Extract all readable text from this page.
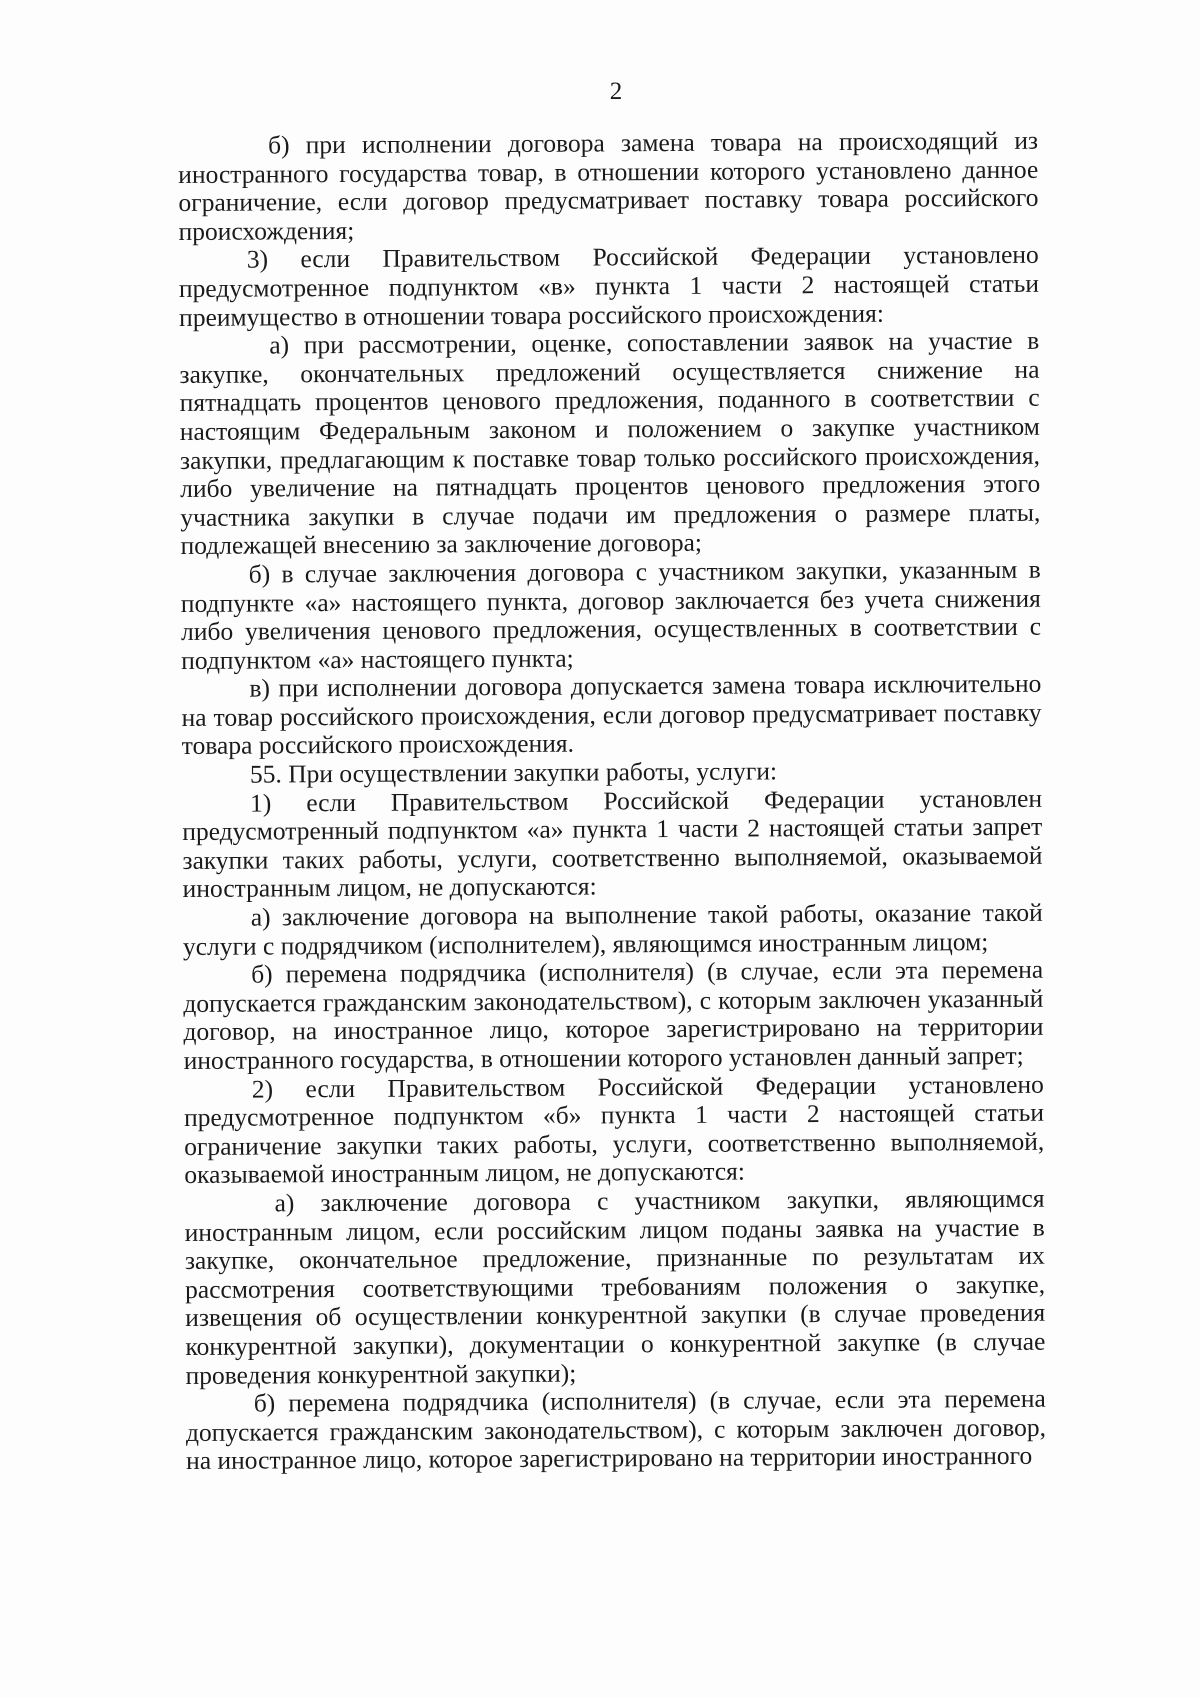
2

б) при исполнении договора замена товара на происходящий из иностранного государства товар, в отношении которого установлено данное ограничение, если договор предусматривает поставку товара российского происхождения;

3) если Правительством Российской Федерации установлено предусмотренное подпунктом «в» пункта 1 части 2 настоящей статьи преимущество в отношении товара российского происхождения:

а) при рассмотрении, оценке, сопоставлении заявок на участие в закупке, окончательных предложений осуществляется снижение на пятнадцать процентов ценового предложения, поданного в соответствии с настоящим Федеральным законом и положением о закупке участником закупки, предлагающим к поставке товар только российского происхождения, либо увеличение на пятнадцать процентов ценового предложения этого участника закупки в случае подачи им предложения о размере платы, подлежащей внесению за заключение договора;

б) в случае заключения договора с участником закупки, указанным в подпункте «а» настоящего пункта, договор заключается без учета снижения либо увеличения ценового предложения, осуществленных в соответствии с подпунктом «а» настоящего пункта;

в) при исполнении договора допускается замена товара исключительно на товар российского происхождения, если договор предусматривает поставку товара российского происхождения.

55. При осуществлении закупки работы, услуги:

1) если Правительством Российской Федерации установлен предусмотренный подпунктом «а» пункта 1 части 2 настоящей статьи запрет закупки таких работы, услуги, соответственно выполняемой, оказываемой иностранным лицом, не допускаются:

а) заключение договора на выполнение такой работы, оказание такой услуги с подрядчиком (исполнителем), являющимся иностранным лицом;

б) перемена подрядчика (исполнителя) (в случае, если эта перемена допускается гражданским законодательством), с которым заключен указанный договор, на иностранное лицо, которое зарегистрировано на территории иностранного государства, в отношении которого установлен данный запрет;

2) если Правительством Российской Федерации установлено предусмотренное подпунктом «б» пункта 1 части 2 настоящей статьи ограничение закупки таких работы, услуги, соответственно выполняемой, оказываемой иностранным лицом, не допускаются:

а) заключение договора с участником закупки, являющимся иностранным лицом, если российским лицом поданы заявка на участие в закупке, окончательное предложение, признанные по результатам их рассмотрения соответствующими требованиям положения о закупке, извещения об осуществлении конкурентной закупки (в случае проведения конкурентной закупки), документации о конкурентной закупке (в случае проведения конкурентной закупки);

б) перемена подрядчика (исполнителя) (в случае, если эта перемена допускается гражданским законодательством), с которым заключен договор, на иностранное лицо, которое зарегистрировано на территории иностранного
